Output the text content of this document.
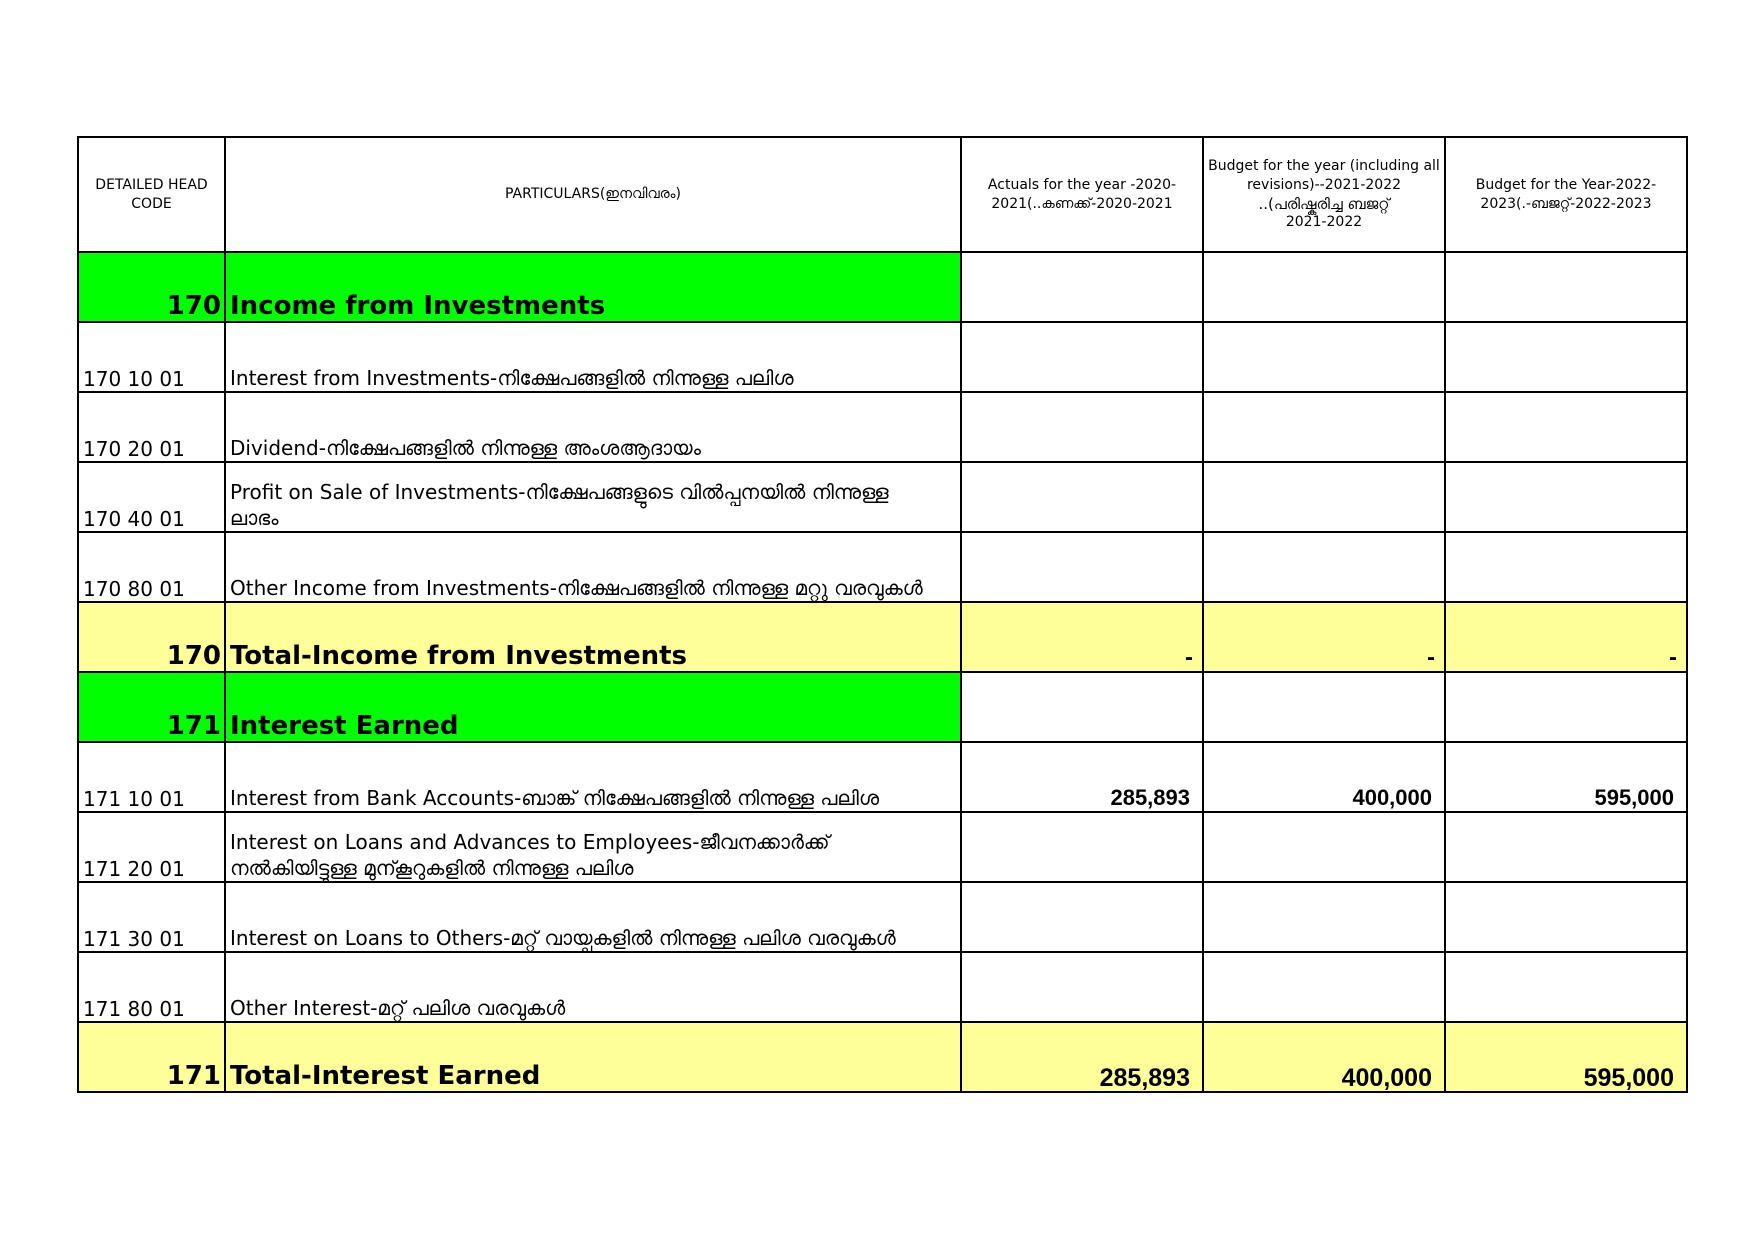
DETAILED HEAD CODE	PARTICULARS(ഇനവിവരം)	Actuals for the year -2020-2021(..കണക്ക്-2020-2021	Budget for the year (including all revisions)--2021-2022
..(പരിഷ്കരിച്ച ബജറ്റ്
2021-2022	Budget for the Year-2022-2023(.-ബജറ്റ്-2022-2023
170	Income from Investments			
170 10 01	Interest from Investments-നിക്ഷേപങ്ങളിൽ നിന്നുള്ള പലിശ			
170 20 01	Dividend-നിക്ഷേപങ്ങളിൽ നിന്നുള്ള അംശആദായം			
170 40 01	Profit on Sale of Investments-നിക്ഷേപങ്ങളുടെ വിൽപ്പനയിൽ നിന്നുള്ള ലാഭം			
170 80 01	Other Income from Investments-നിക്ഷേപങ്ങളിൽ നിന്നുള്ള മറ്റു വരവുകൾ			
170	Total-Income from Investments	-	-	-
171	Interest Earned			
171 10 01	Interest from Bank Accounts-ബാങ്ക് നിക്ഷേപങ്ങളിൽ നിന്നുള്ള പലിശ	285,893	400,000	595,000
171 20 01	Interest on Loans and Advances to Employees-ജീവനക്കാർക്ക് നൽകിയിട്ടുള്ള മുന്കൂറുകളിൽ നിന്നുള്ള പലിശ			
171 30 01	Interest on Loans to Others-മറ്റ് വായ്പകളിൽ നിന്നുള്ള പലിശ വരവുകൾ			
171 80 01	Other Interest-മറ്റ് പലിശ വരവുകൾ			
171	Total-Interest Earned	285,893	400,000	595,000
